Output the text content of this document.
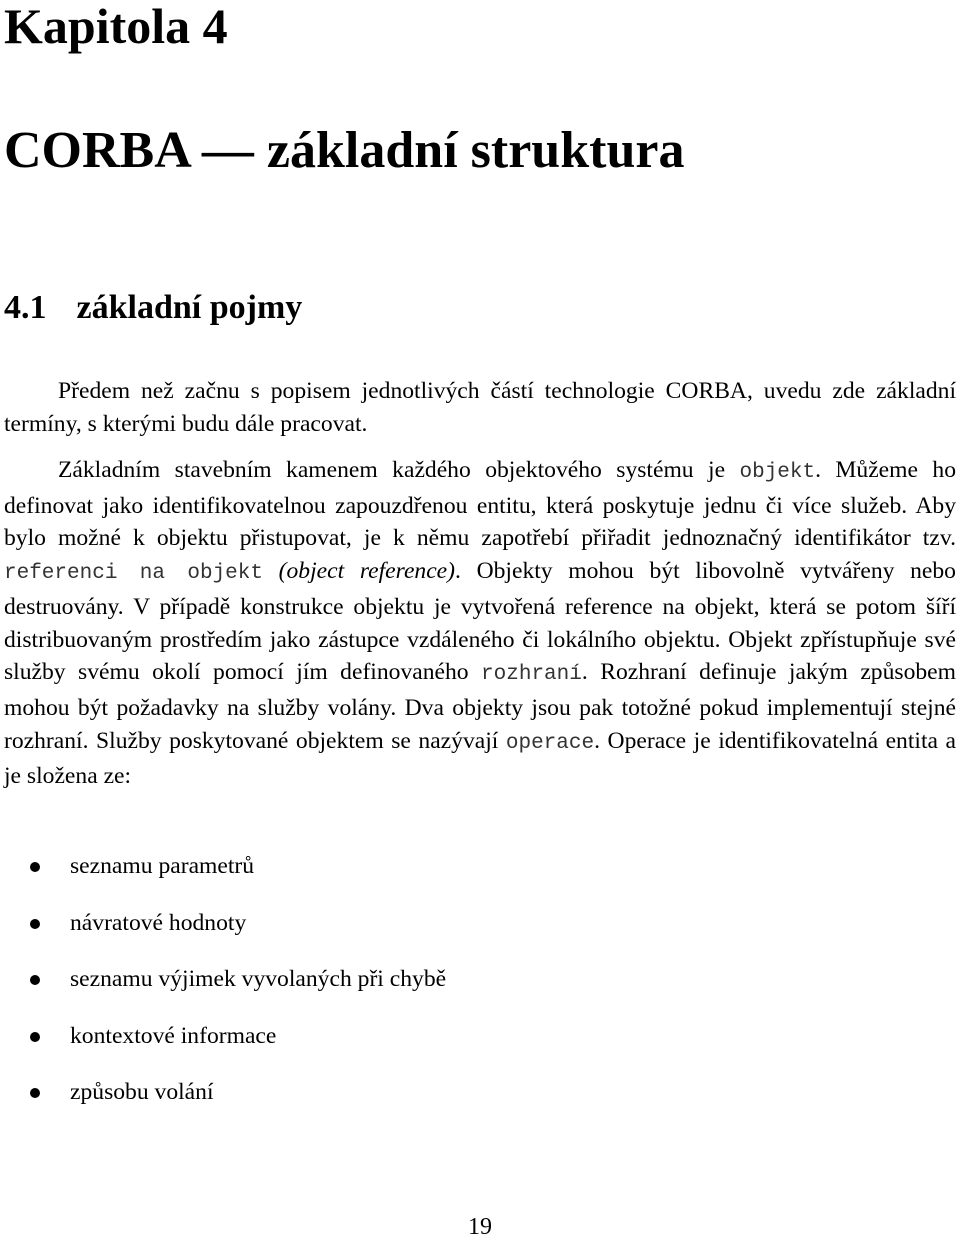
Kapitola 4
CORBA — základní struktura
4.1 základní pojmy

Předem než začnu s popisem jednotlivých částí technologie CORBA, uvedu zde základní termíny, s kterými budu dále pracovat.

Základním stavebním kamenem každého objektového systému je objekt. Můžeme ho definovat jako identifikovatelnou zapouzdřenou entitu, která poskytuje jednu či více služeb. Aby bylo možné k objektu přistupovat, je k němu zapotřebí přiřadit jednoznačný identifikátor tzv. referenci na objekt (object reference). Objekty mohou být libovolně vytvářeny nebo destruovány. V případě konstrukce objektu je vytvořená reference na objekt, která se potom šíří distribuovaným prostředím jako zástupce vzdáleného či lokálního objektu. Objekt zpřístupňuje své služby svému okolí pomocí jím definovaného rozhraní. Rozhraní definuje jakým způsobem mohou být požadavky na služby volány. Dva objekty jsou pak totožné pokud implementují stejné rozhraní. Služby poskytované objektem se nazývají operace. Operace je identifikovatelná entita a je složena ze:

seznamu parametrů
návratové hodnoty
seznamu výjimek vyvolaných při chybě
kontextové informace
způsobu volání
19
